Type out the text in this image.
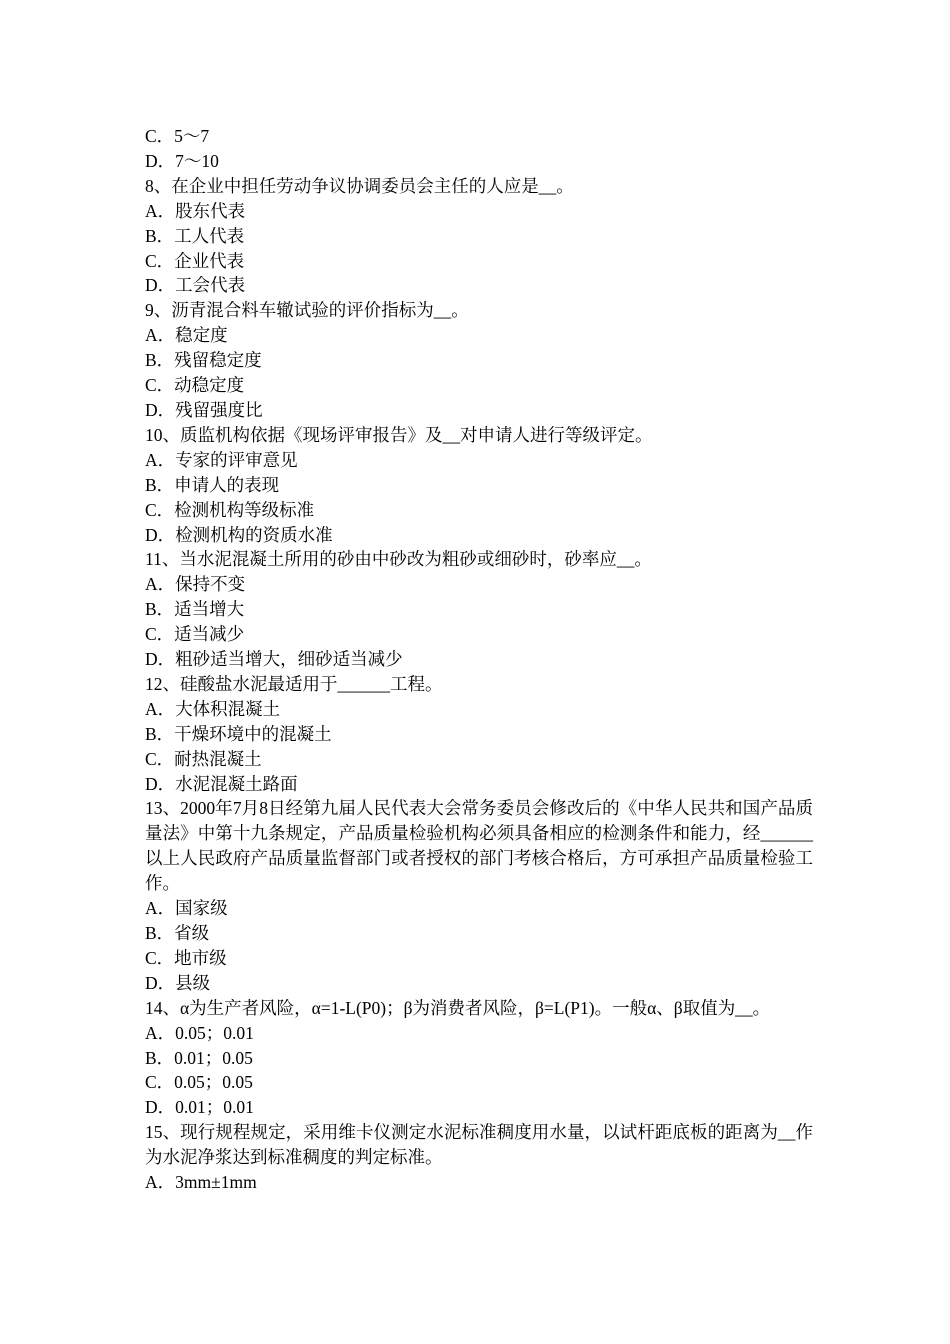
C．5～7

D．7～10

8、在企业中担任劳动争议协调委员会主任的人应是__。

A．股东代表

B．工人代表

C．企业代表

D．工会代表

9、沥青混合料车辙试验的评价指标为__。

A．稳定度

B．残留稳定度

C．动稳定度

D．残留强度比

10、质监机构依据《现场评审报告》及__对申请人进行等级评定。

A．专家的评审意见

B．申请人的表现

C．检测机构等级标准

D．检测机构的资质水准

11、当水泥混凝土所用的砂由中砂改为粗砂或细砂时，砂率应__。

A．保持不变

B．适当增大

C．适当减少

D．粗砂适当增大，细砂适当减少

12、硅酸盐水泥最适用于______工程。

A．大体积混凝土

B．干燥环境中的混凝土

C．耐热混凝土

D．水泥混凝土路面

13、2000年7月8日经第九届人民代表大会常务委员会修改后的《中华人民共和国产品质量法》中第十九条规定，产品质量检验机构必须具备相应的检测条件和能力，经______以上人民政府产品质量监督部门或者授权的部门考核合格后，方可承担产品质量检验工作。

A．国家级

B．省级

C．地市级

D．县级

14、α为生产者风险，α=1-L(P0)；β为消费者风险，β=L(P1)。一般α、β取值为__。

A．0.05；0.01

B．0.01；0.05

C．0.05；0.05

D．0.01；0.01

15、现行规程规定，采用维卡仪测定水泥标准稠度用水量，以试杆距底板的距离为__作为水泥净浆达到标准稠度的判定标准。

A．3mm±1mm
